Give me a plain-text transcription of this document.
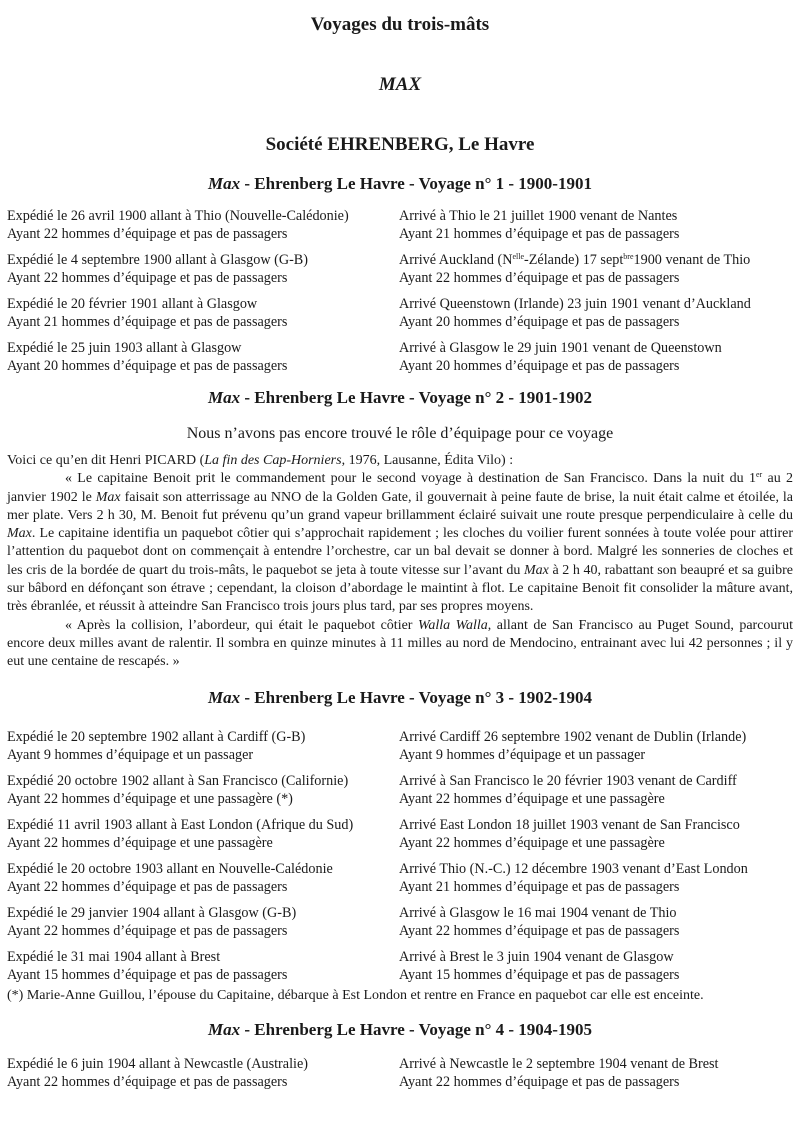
Voyages du trois-mâts
MAX
Société EHRENBERG, Le Havre
Max - Ehrenberg Le Havre - Voyage n° 1 - 1900-1901
Expédié le 26 avril 1900 allant à Thio (Nouvelle-Calédonie)
Ayant 22 hommes d’équipage et pas de passagers
Arrivé à Thio le 21 juillet 1900 venant de Nantes
Ayant 21 hommes d’équipage et pas de passagers
Expédié le 4 septembre 1900 allant à Glasgow (G-B)
Ayant 22 hommes d’équipage et pas de passagers
Arrivé Auckland $(N^{elle}-Zélande)$ 17 sept$^{bre}$1900 venant de Thio
Ayant 22 hommes d’équipage et pas de passagers
Expédié le 20 février 1901 allant à Glasgow
Ayant 21 hommes d’équipage et pas de passagers
Arrivé Queenstown (Irlande) 23 juin 1901 venant d’Auckland
Ayant 20 hommes d’équipage et pas de passagers
Expédié le 25 juin 1903 allant à Glasgow
Ayant 20 hommes d’équipage et pas de passagers
Arrivé à Glasgow le 29 juin 1901 venant de Queenstown
Ayant 20 hommes d’équipage et pas de passagers
Max - Ehrenberg Le Havre - Voyage n° 2 - 1901-1902
Nous n’avons pas encore trouvé le rôle d’équipage pour ce voyage

Voici ce qu’en dit Henri PICARD (La fin des Cap-Horniers, 1976, Lausanne, Édita Vilo) :

« Le capitaine Benoit prit le commandement pour le second voyage à destination de San Francisco. Dans la nuit du 1er au 2 janvier 1902 le Max faisait son atterrissage au NNO de la Golden Gate, il gouvernait à peine faute de brise, la nuit était calme et étoilée, la mer plate. Vers 2 h 30, M. Benoit fut prévenu qu’un grand vapeur brillamment éclairé suivait une route presque perpendiculaire à celle du Max. Le capitaine identifia un paquebot côtier qui s’approchait rapidement ; les cloches du voilier furent sonnées à toute volée pour attirer l’attention du paquebot dont on commençait à entendre l’orchestre, car un bal devait se donner à bord. Malgré les sonneries de cloches et les cris de la bordée de quart du trois-mâts, le paquebot se jeta à toute vitesse sur l’avant du Max à 2 h 40, rabattant son beaupré et sa guibre sur bâbord en défonçant son étrave ; cependant, la cloison d’abordage le maintint à flot. Le capitaine Benoit fit consolider la mâture avant, très ébranlée, et réussit à atteindre San Francisco trois jours plus tard, par ses propres moyens.

« Après la collision, l’abordeur, qui était le paquebot côtier Walla Walla, allant de San Francisco au Puget Sound, parcourut encore deux milles avant de ralentir. Il sombra en quinze minutes à 11 milles au nord de Mendocino, entrainant avec lui 42 personnes ; il y eut une centaine de rescapés. »

Max - Ehrenberg Le Havre - Voyage n° 3 - 1902-1904
Expédié le 20 septembre 1902 allant à Cardiff (G-B)
Ayant 9 hommes d’équipage et un passager
Arrivé Cardiff 26 septembre 1902 venant de Dublin (Irlande)
Ayant 9 hommes d’équipage et un passager
Expédié 20 octobre 1902 allant à San Francisco (Californie)
Ayant 22 hommes d’équipage et une passagère (*)
Arrivé à San Francisco le 20 février 1903 venant de Cardiff
Ayant 22 hommes d’équipage et une passagère
Expédié 11 avril 1903 allant à East London (Afrique du Sud)
Ayant 22 hommes d’équipage et une passagère
Arrivé East London 18 juillet 1903 venant de San Francisco
Ayant 22 hommes d’équipage et une passagère
Expédié le 20 octobre 1903 allant en Nouvelle-Calédonie
Ayant 22 hommes d’équipage et pas de passagers
Arrivé Thio (N.-C.) 12 décembre 1903 venant d’East London
Ayant 21 hommes d’équipage et pas de passagers
Expédié le 29 janvier 1904 allant à Glasgow (G-B)
Ayant 22 hommes d’équipage et pas de passagers
Arrivé à Glasgow le 16 mai 1904 venant de Thio
Ayant 22 hommes d’équipage et pas de passagers
Expédié le 31 mai 1904 allant à Brest
Ayant 15 hommes d’équipage et pas de passagers
Arrivé à Brest le 3 juin 1904 venant de Glasgow
Ayant 15 hommes d’équipage et pas de passagers
(*) Marie-Anne Guillou, l’épouse du Capitaine, débarque à Est London et rentre en France en paquebot car elle est enceinte.
Max - Ehrenberg Le Havre - Voyage n° 4 - 1904-1905
Expédié le 6 juin 1904 allant à Newcastle (Australie)
Ayant 22 hommes d’équipage et pas de passagers
Arrivé à Newcastle le 2 septembre 1904 venant de Brest
Ayant 22 hommes d’équipage et pas de passagers
